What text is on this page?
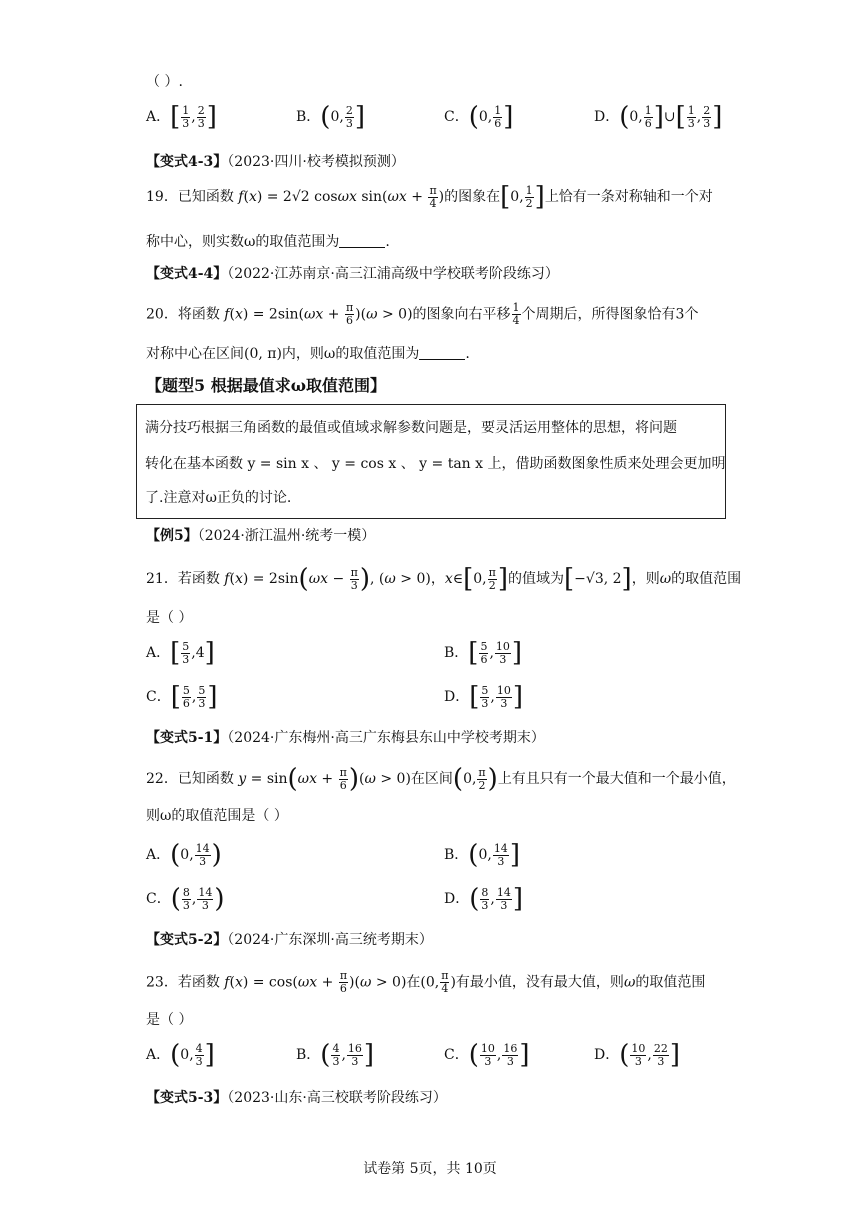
（ ）.
A．[ $\frac{1}{3}$ , $\frac{2}{3}$ ]	B．(0, $\frac{2}{3}$ ]	C．(0, $\frac{1}{6}$ ]	D．(0, $\frac{1}{6}$ ]∪[ $\frac{1}{3}$ , $\frac{2}{3}$ ]
【变式4-3】（2023·四川·校考模拟预测）
19．已知函数 f(x) = 2√2 cosωx $\sin(\omega x + \frac{\pi}{4}$ )的图象在[0, $\frac{1}{2}$ ]上恰有一条对称轴和一个对
称中心，则实数ω的取值范围为	.
【变式4-4】（2022·江苏南京·高三江浦高级中学校联考阶段练习）
20．将函数 $f(x) = 2\sin(\omega x + \frac{\pi}{6} )(\omega > 0)$的图象向右平移 $\frac{1}{4}$ 个周期后，所得图象恰有3个
对称中心在区间(0, π)内，则ω的取值范围为	.
【题型5 根据最值求ω取值范围】
满分技巧根据三角函数的最值或值域求解参数问题是，要灵活运用整体的思想，将问题
转化在基本函数 y = sin x 、 y = cos x 、 y = tan x 上，借助函数图象性质来处理会更加明
了.注意对ω正负的讨论.
【例5】（2024·浙江温州·统考一模）
21．若函数 $f(x) = 2\sin(\omega x - \frac{\pi}{3}$ ), (ω > 0)，x∈[0, $\frac{\pi}{2}$ ]的值域为[−√3, 2]，则ω的取值范围
是（ ）
A．[ $\frac{5}{3} ,4$]	B．[ $\frac{5}{6}$ , $\frac{10}{3}$ ]
C．[ $\frac{5}{6}$ , $\frac{5}{3}$ ]	D．[ $\frac{5}{3}$ , $\frac{10}{3}$ ]
【变式5-1】（2024·广东梅州·高三广东梅县东山中学校考期末）
22．已知函数 $y = \sin(\omega x + \frac{\pi}{6} )(\omega > 0)$在区间(0, $\frac{\pi}{2}$ )上有且只有一个最大值和一个最小值，
则ω的取值范围是（ ）
A．(0, $\frac{14}{3}$ )	B．(0, $\frac{14}{3}$ ]
C．( $\frac{8}{3}$ , $\frac{14}{3}$ )	D．( $\frac{8}{3}$ , $\frac{14}{3}$ ]
【变式5-2】（2024·广东深圳·高三统考期末）
23．若函数 $f(x) = \cos(\omega x + \frac{\pi}{6} )(\omega > 0)$在(0, $\frac{\pi}{4}$ )有最小值，没有最大值，则ω的取值范围
是（ ）
A．(0, $\frac{4}{3}$ ]	B．( $\frac{4}{3}$ , $\frac{16}{3}$ ]	C．( $\frac{10}{3}$ , $\frac{16}{3}$ ]	D．( $\frac{10}{3}$ , $\frac{22}{3}$ ]
【变式5-3】（2023·山东·高三校联考阶段练习）
试卷第 5页，共 10页
